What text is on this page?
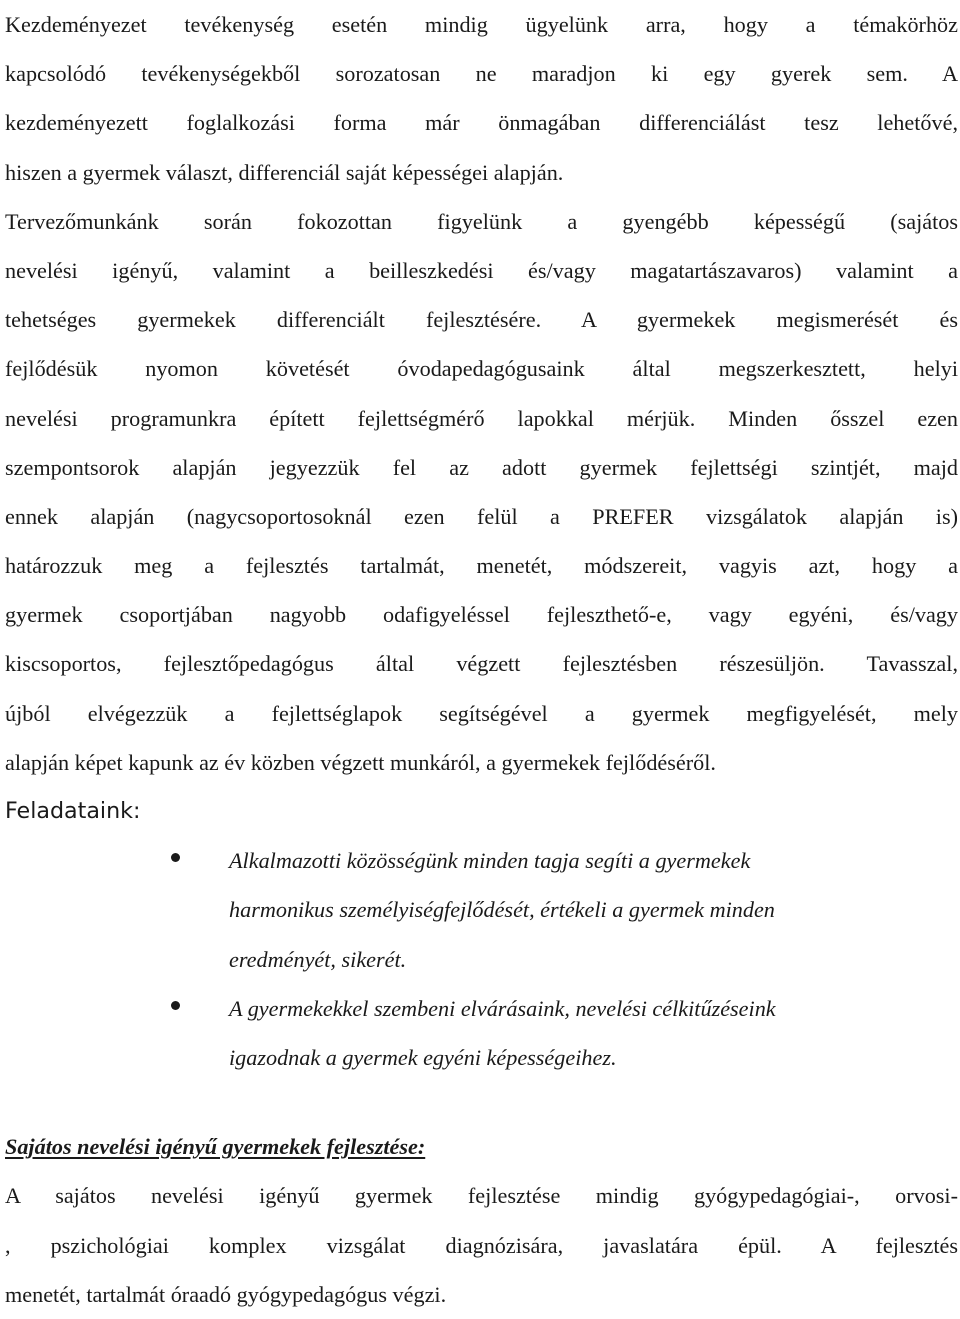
Kezdeményezet tevékenység esetén mindig ügyelünk arra, hogy a témakörhöz
kapcsolódó tevékenységekből sorozatosan ne maradjon ki egy gyerek sem. A
kezdeményezett foglalkozási forma már önmagában differenciálást tesz lehetővé,
hiszen a gyermek választ, differenciál saját képességei alapján.
Tervezőmunkánk során fokozottan figyelünk a gyengébb képességű (sajátos
nevelési igényű, valamint a beilleszkedési és/vagy magatartászavaros) valamint a
tehetséges gyermekek differenciált fejlesztésére. A gyermekek megismerését és
fejlődésük nyomon követését óvodapedagógusaink által megszerkesztett, helyi
nevelési programunkra épített fejlettségmérő lapokkal mérjük. Minden ősszel ezen
szempontsorok alapján jegyezzük fel az adott gyermek fejlettségi szintjét, majd
ennek alapján (nagycsoportosoknál ezen felül a PREFER vizsgálatok alapján is)
határozzuk meg a fejlesztés tartalmát, menetét, módszereit, vagyis azt, hogy a
gyermek csoportjában nagyobb odafigyeléssel fejleszthető-e, vagy egyéni, és/vagy
kiscsoportos, fejlesztőpedagógus által végzett fejlesztésben részesüljön. Tavasszal,
újból elvégezzük a fejlettséglapok segítségével a gyermek megfigyelését, mely
alapján képet kapunk az év közben végzett munkáról, a gyermekek fejlődéséről.
Feladataink:
Alkalmazotti közösségünk minden tagja segíti a gyermekek
harmonikus személyiségfejlődését, értékeli a gyermek minden
eredményét, sikerét.
A gyermekekkel szembeni elvárásaink, nevelési célkitűzéseink
igazodnak a gyermek egyéni képességeihez.
Sajátos nevelési igényű gyermekek fejlesztése:
A sajátos nevelési igényű gyermek fejlesztése mindig gyógypedagógiai-, orvosi-
, pszichológiai komplex vizsgálat diagnózisára, javaslatára épül. A fejlesztés
menetét, tartalmát óraadó gyógypedagógus végzi.
